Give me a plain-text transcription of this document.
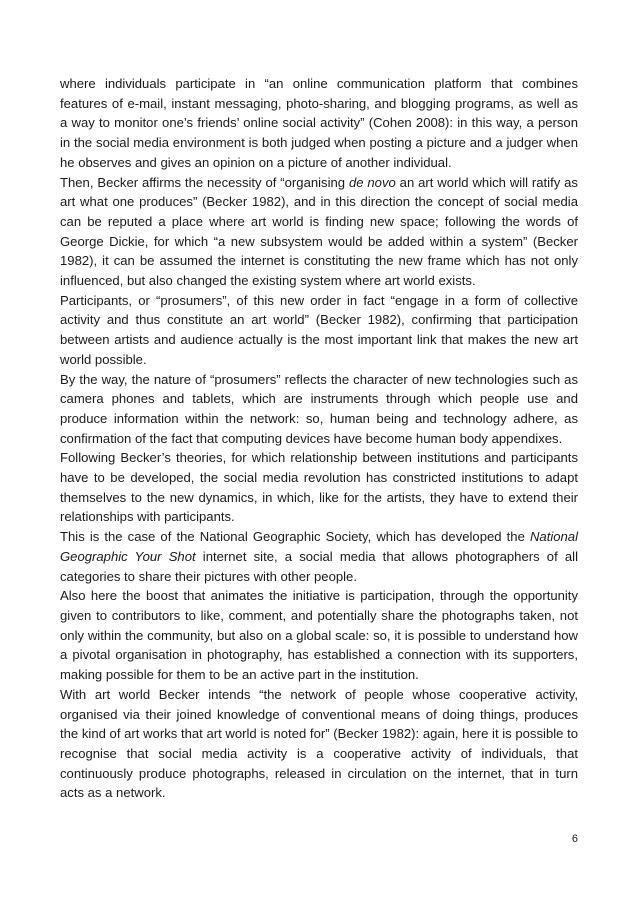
where individuals participate in “an online communication platform that combines features of e-mail, instant messaging, photo-sharing, and blogging programs, as well as a way to monitor one’s friends’ online social activity” (Cohen 2008): in this way, a person in the social media environment is both judged when posting a picture and a judger when he observes and gives an opinion on a picture of another individual.

Then, Becker affirms the necessity of “organising de novo an art world which will ratify as art what one produces” (Becker 1982), and in this direction the concept of social media can be reputed a place where art world is finding new space; following the words of George Dickie, for which “a new subsystem would be added within a system” (Becker 1982), it can be assumed the internet is constituting the new frame which has not only influenced, but also changed the existing system where art world exists.

Participants, or “prosumers”, of this new order in fact “engage in a form of collective activity and thus constitute an art world” (Becker 1982), confirming that participation between artists and audience actually is the most important link that makes the new art world possible.

By the way, the nature of “prosumers” reflects the character of new technologies such as camera phones and tablets, which are instruments through which people use and produce information within the network: so, human being and technology adhere, as confirmation of the fact that computing devices have become human body appendixes.

Following Becker’s theories, for which relationship between institutions and participants have to be developed, the social media revolution has constricted institutions to adapt themselves to the new dynamics, in which, like for the artists, they have to extend their relationships with participants.

This is the case of the National Geographic Society, which has developed the National Geographic Your Shot internet site, a social media that allows photographers of all categories to share their pictures with other people.

Also here the boost that animates the initiative is participation, through the opportunity given to contributors to like, comment, and potentially share the photographs taken, not only within the community, but also on a global scale: so, it is possible to understand how a pivotal organisation in photography, has established a connection with its supporters, making possible for them to be an active part in the institution.

With art world Becker intends “the network of people whose cooperative activity, organised via their joined knowledge of conventional means of doing things, produces the kind of art works that art world is noted for” (Becker 1982): again, here it is possible to recognise that social media activity is a cooperative activity of individuals, that continuously produce photographs, released in circulation on the internet, that in turn acts as a network.

6
